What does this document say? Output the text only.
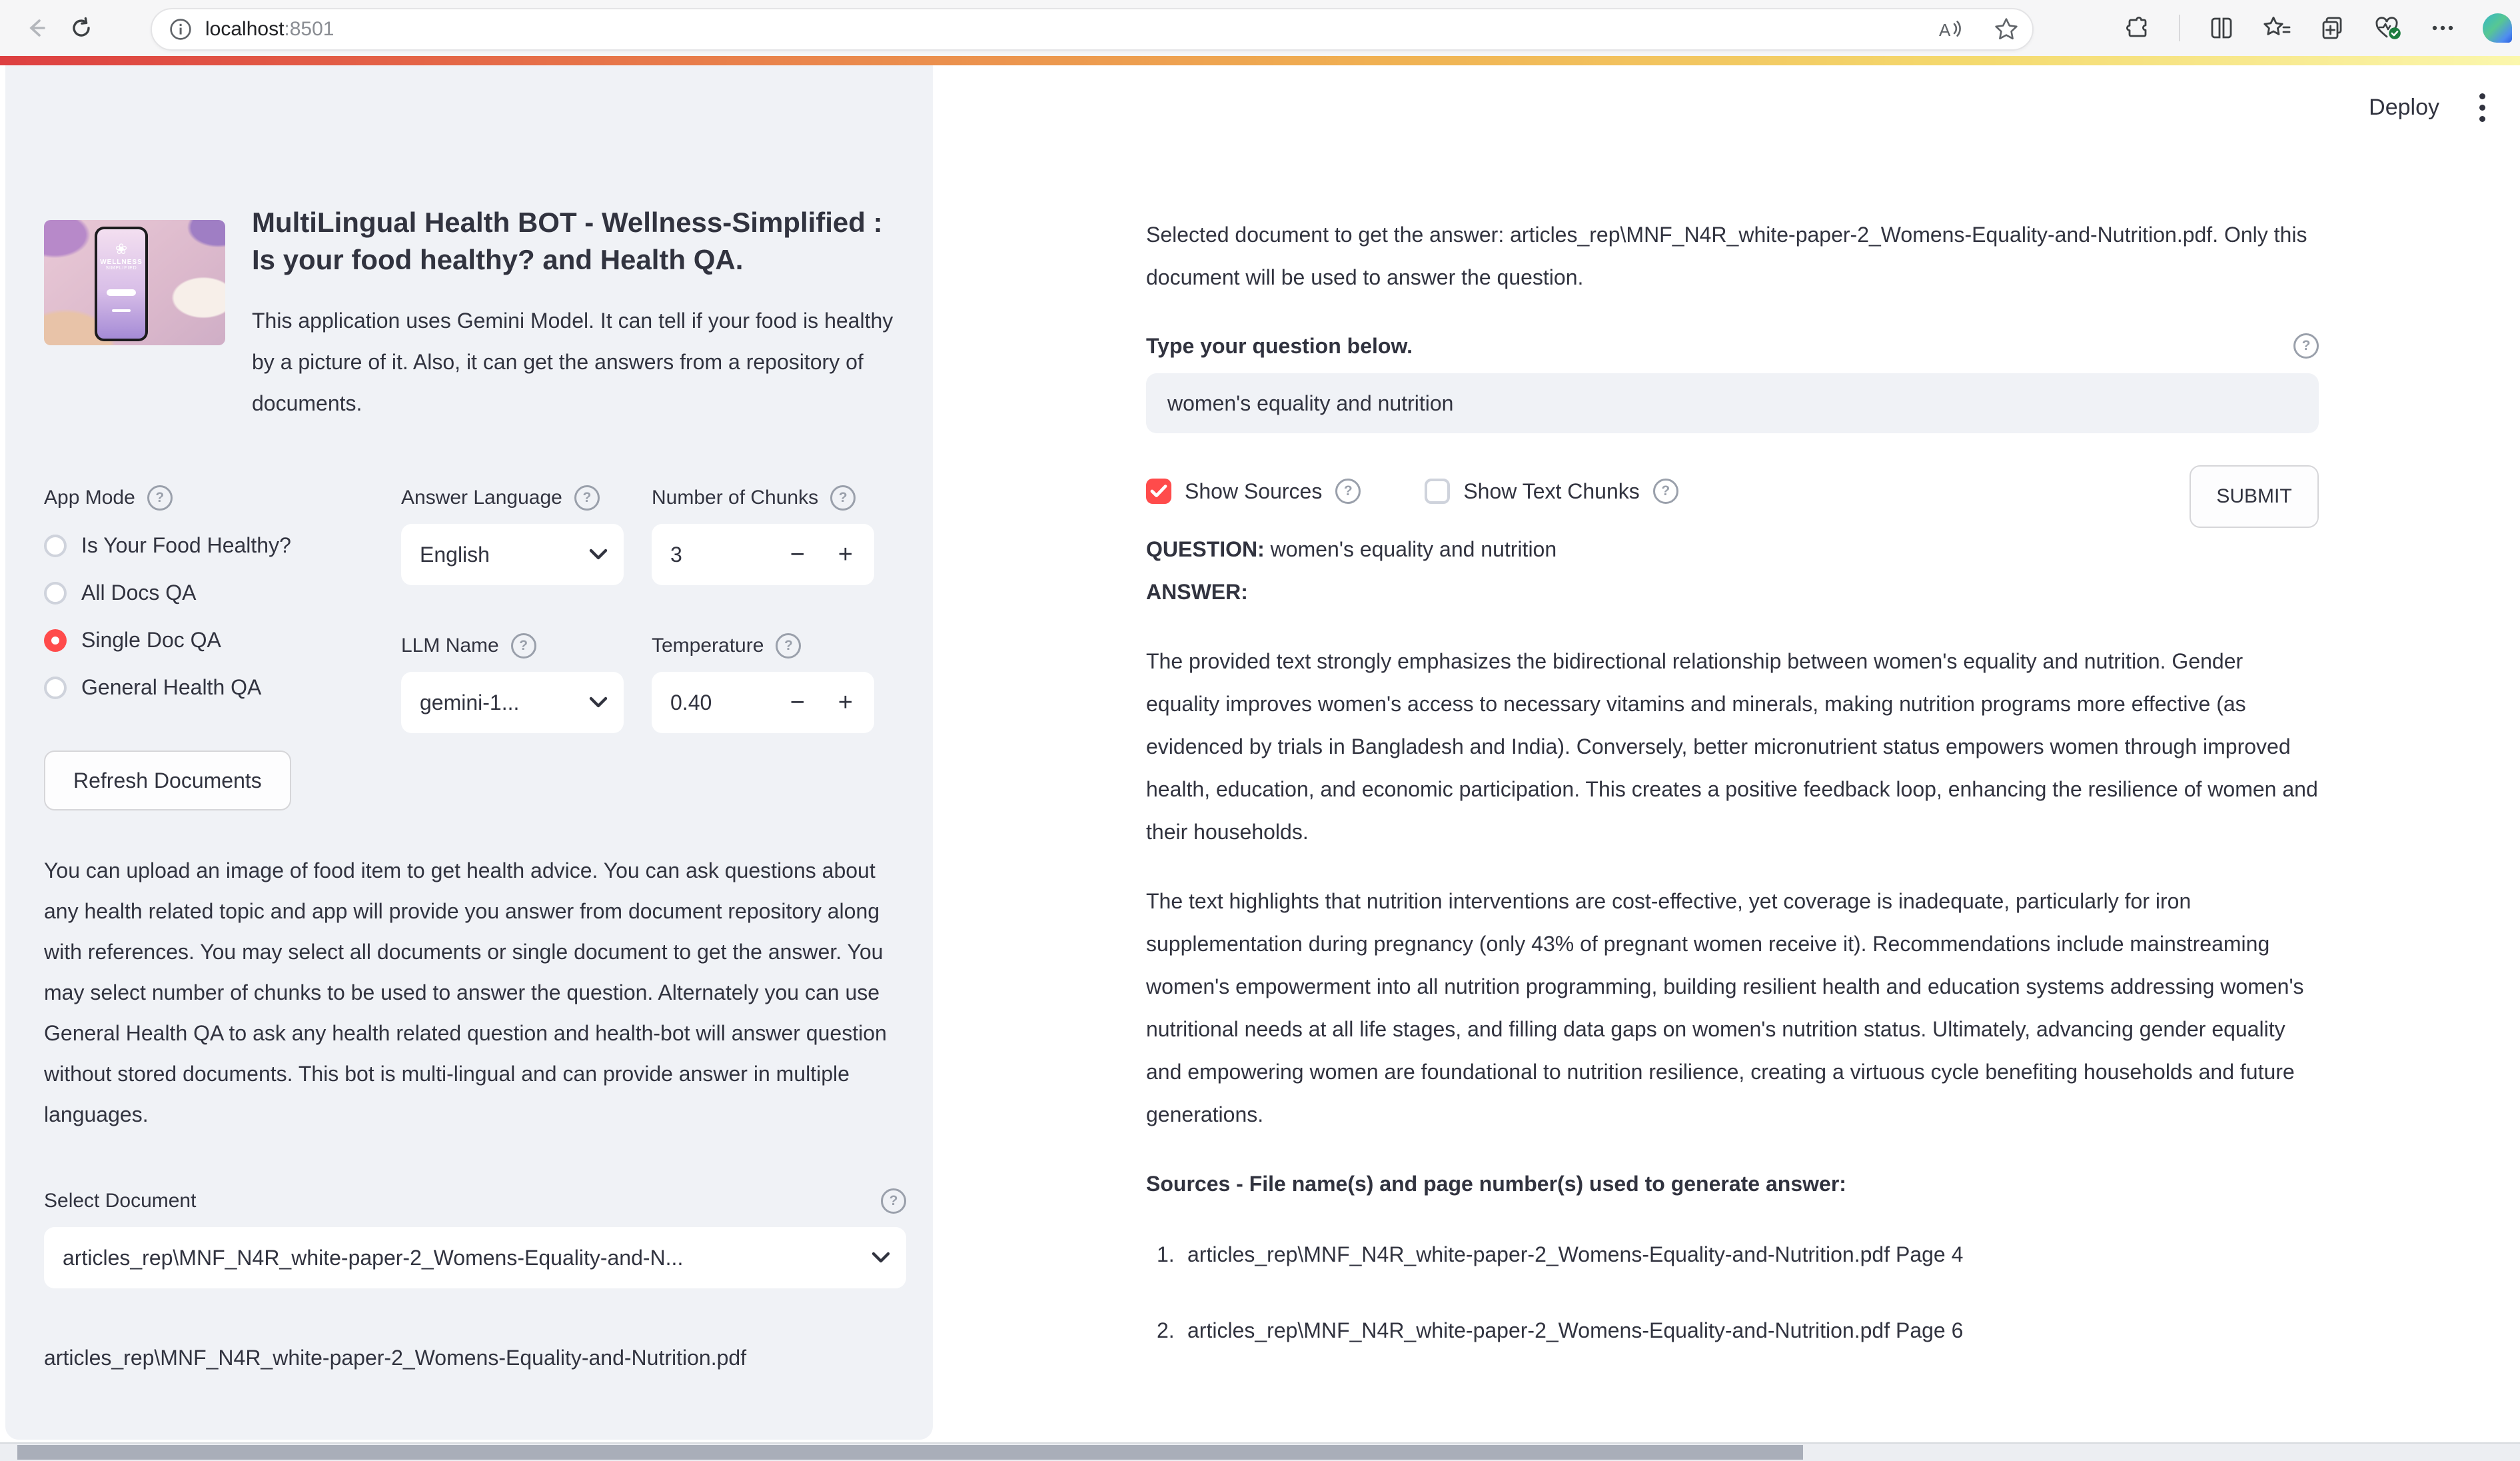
localhost:8501	A
Deploy
❀
WELLNESS
SIMPLIFIED

MultiLingual Health BOT - Wellness-Simplified : Is your food healthy? and Health QA.

This application uses Gemini Model. It can tell if your food is healthy by a picture of it. Also, it can get the answers from a repository of documents.

App Mode	?
Is Your Food Healthy?
All Docs QA
Single Doc QA
General Health QA
Refresh Documents
Answer Language	?
English
Number of Chunks	?
3	−	+
LLM Name	?
gemini-1...
Temperature	?
0.40	−	+

You can upload an image of food item to get health advice. You can ask questions about any health related topic and app will provide you answer from document repository along with references. You may select all documents or single document to get the answer. You may select number of chunks to be used to answer the question. Alternately you can use General Health QA to ask any health related question and health-bot will answer question without stored documents. This bot is multi-lingual and can provide answer in multiple languages.

Select Document	?
articles_rep\MNF_N4R_white-paper-2_Womens-Equality-and-N...

articles_rep\MNF_N4R_white-paper-2_Womens-Equality-and-Nutrition.pdf

Selected document to get the answer: articles_rep\MNF_N4R_white-paper-2_Womens-Equality-and-Nutrition.pdf. Only this document will be used to answer the question.

Type your question below.	?
women's equality and nutrition
Show Sources	?	Show Text Chunks	?	SUBMIT

QUESTION: women's equality and nutrition

ANSWER:

The provided text strongly emphasizes the bidirectional relationship between women's equality and nutrition. Gender equality improves women's access to necessary vitamins and minerals, making nutrition programs more effective (as evidenced by trials in Bangladesh and India). Conversely, better micronutrient status empowers women through improved health, education, and economic participation. This creates a positive feedback loop, enhancing the resilience of women and their households.

The text highlights that nutrition interventions are cost-effective, yet coverage is inadequate, particularly for iron supplementation during pregnancy (only 43% of pregnant women receive it). Recommendations include mainstreaming women's empowerment into all nutrition programming, building resilient health and education systems addressing women's nutritional needs at all life stages, and filling data gaps on women's nutrition status. Ultimately, advancing gender equality and empowering women are foundational to nutrition resilience, creating a virtuous cycle benefiting households and future generations.

Sources - File name(s) and page number(s) used to generate answer:

1.	articles_rep\MNF_N4R_white-paper-2_Womens-Equality-and-Nutrition.pdf Page 4
2.	articles_rep\MNF_N4R_white-paper-2_Womens-Equality-and-Nutrition.pdf Page 6
